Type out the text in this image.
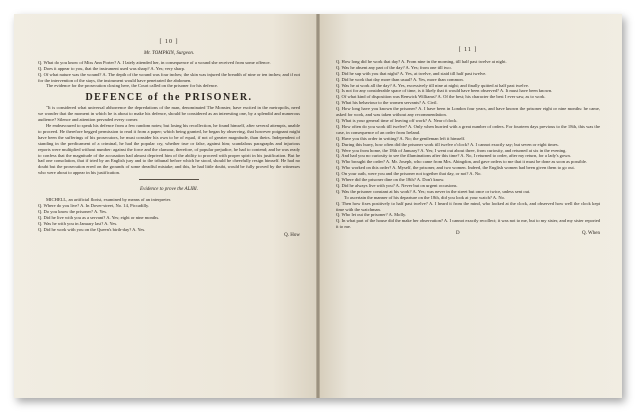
[ 10 ]
Mr. TOMPKIN, Surgeon.

Q. What do you know of Miss Ann Porter? A. I lately attended her, in consequence of a wound she received from some offence.

Q. Does it appear to you, that the instrument used was sharp? A. Yes; very sharp.

Q. Of what nature was the wound? A. The depth of the wound was four inches; the skin was injured the breadth of nine or ten inches; and if not for the intervention of the stays, the instrument would have penetrated the abdomen.

The evidence for the prosecution closing here, the Court called on the prisoner for his defence.

DEFENCE of the PRISONER.

"It is considered what universal abhorrence the depredations of the man, denominated The Monster, have excited in the metropolis, need we wonder that the moment in which he is about to make his defence, should be considered as an interesting one, by a splendid and numerous audience? Silence and attention pervaded every corner.

He endeavoured to speak his defence from a few random notes; but losing his recollection, he found himself, after several attempts, unable to proceed. He therefore begged permission to read it from a paper; which being granted, he began by observing, that however poignant might have been the sufferings of his prosecutors, he must consider his own to be of equal, if not of greater magnitude, than theirs. Independent of standing in the predicament of a criminal, he had the popular cry, whether true or false, against him; scandalous paragraphs and injurious reports were multiplied without number: against the force and the clamour, therefore, of popular prejudice, he had to contend; and he was ready to confess that the magnitude of the accusation had almost deprived him of the ability to proceed with proper spirit in his justification. But he had one consolation, that if tried by an English jury and to the tribunal before which he stood, should be cheerfully resign himself. He had no doubt but the prosecution erred on the grounds of some dreadful mistake; and this, he had little doubt, would be fully proved by the witnesses who were about to appear in his justification.

Evidence to prove the ALIBI.

MICHELL, an artificial florist, examined by means of an interpreter.

Q. Where do you live? A. In Dover-street, No. 14, Piccadilly.

Q. Do you know the prisoner? A. Yes.

Q. Did he live with you as a servant? A. Yes; eight or nine months.

Q. Was he with you in January last? A. Yes.

Q. Did he work with you on the Queen's birth-day? A. Yes.

Q. How
[ 11 ]

Q. How long did he work that day? A. From nine in the morning, till half past twelve at night.

Q. Was he absent any part of the day? A. Yes; from one till two.

Q. Did he sup with you that night? A. Yes, at twelve, and staid till half past twelve.

Q. Did he work that day more than usual? A. Yes, more than common.

Q. Was he at work all the day? A. Yes, excessively till nine at night; and finally quitted at half past twelve.

Q. Is not for any considerable space of time, is it likely that it would have been observed? A. It must have been known.

Q. Of what kind of disposition was Renwick Williams? A. Of the best; his character the best I ever saw, as to work.

Q. What his behaviour to the women servants? A. Civil.

Q. How long have you known the prisoner? A. I have been in London four years, and have known the prisoner eight or nine months: he came, asked for work, and was taken without any recommendation.

Q. What is your general time of leaving off work? A. Near o'clock.

Q. How often do you work till twelve? A. Only when hurried with a great number of orders. For fourteen days previous to the 18th, this was the case, in consequence of an order from Ireland.

Q. Have you this order in writing? A. No; the gentleman left it himself.

Q. During this hurry, how often did the prisoner work till twelve o'clock? A. I cannot exactly say; but seven or eight times.

Q. Were you from home, the 18th of January? A. Yes; I went out about three, from curiosity, and returned at six in the evening.

Q. And had you no curiosity to see the illuminations after this time? A. No, I returned to order, after my return, for a lady's gown.

Q. Who brought the order? A. Mr. Joseph, who came from Mrs. Abingdon, and gave orders to me that it must be done as soon as possible.

Q. Who worked on this order? A. Myself, the prisoner, and two women. Indeed, the English women had been given them to go out.

Q. On your oath, were you and the prisoner not together that day, or not? A. No.

Q. Where did the prisoner dine on the 18th? A. Don't know.

Q. Did he always live with you? A. Never but on urgent occasions.

Q. Was the prisoner constant at his work? A. Yes; was never in the street but once or twice, unless sent out.

To ascertain the manner of his departure on the 18th, did you look at your watch? A. No.

Q. Then how fixes positively to half past twelve? A. I heard it from the mind, who looked at the clock, and observed how well the clock kept time with the watchman.

Q. Who let out the prisoner? A. Molly.

Q. In what part of the house did the make her observation? A. I cannot exactly recollect; it was not to me, but to my sister, and my sister reported it to me.

D	Q. When
